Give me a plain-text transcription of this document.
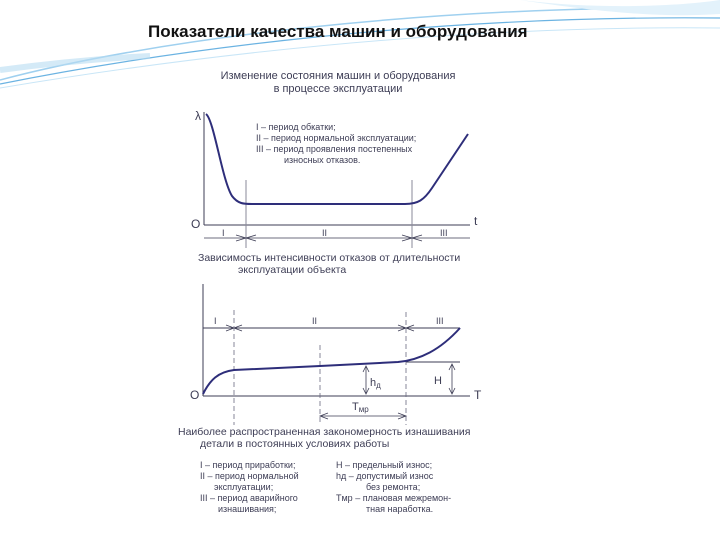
Показатели качества машин и оборудования
Изменение состояния машин и оборудования
в процессе эксплуатации
λ
O	t
I	II	III
I – период обкатки;
II – период нормальной эксплуатации;
III – период проявления постепенных
износных отказов.
Зависимость интенсивности отказов от длительности
эксплуатации объекта
O	T
I	II	III
hд	H
Tмр
Наиболее распространенная закономерность изнашивания
детали в постоянных условиях работы
I – период приработки;
II – период нормальной
эксплуатации;
III – период аварийного
изнашивания;
H – предельный износ;
hд – допустимый износ
без ремонта;
Tмр – плановая межремон-
тная наработка.
